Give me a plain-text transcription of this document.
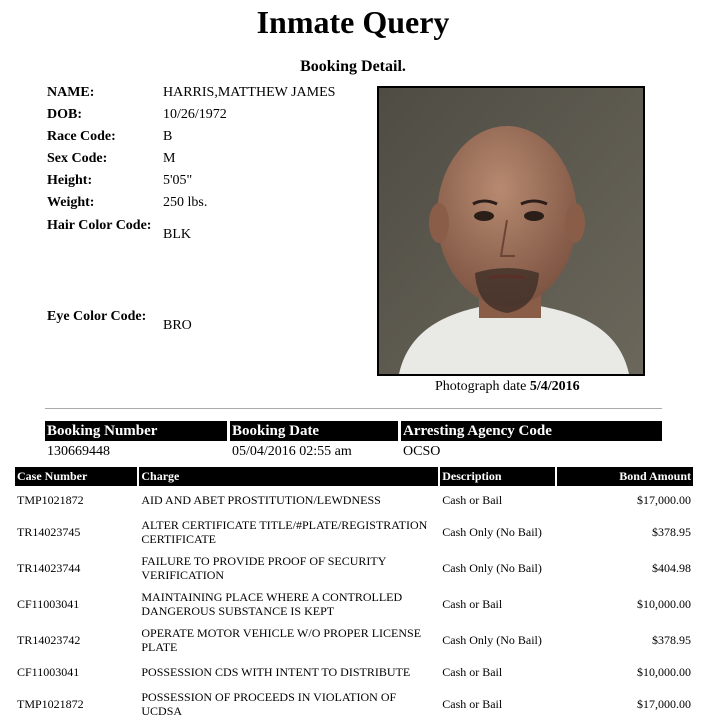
Inmate Query
Booking Detail.
NAME:	HARRIS,MATTHEW JAMES
DOB:	10/26/1972
Race Code:	B
Sex Code:	M
Height:	5'05"
Weight:	250 lbs.
Hair Color Code:
BLK
Eye Color Code:
BRO
Photograph date 5/4/2016
Booking Number	Booking Date	Arresting Agency Code
130669448	05/04/2016 02:55 am	OCSO
Case Number	Charge	Description	Bond Amount
TMP1021872	AID AND ABET PROSTITUTION/LEWDNESS	Cash or Bail	$17,000.00
TR14023745	ALTER CERTIFICATE TITLE/#PLATE/REGISTRATION CERTIFICATE	Cash Only (No Bail)	$378.95
TR14023744	FAILURE TO PROVIDE PROOF OF SECURITY VERIFICATION	Cash Only (No Bail)	$404.98
CF11003041	MAINTAINING PLACE WHERE A CONTROLLED DANGEROUS SUBSTANCE IS KEPT	Cash or Bail	$10,000.00
TR14023742	OPERATE MOTOR VEHICLE W/O PROPER LICENSE PLATE	Cash Only (No Bail)	$378.95
CF11003041	POSSESSION CDS WITH INTENT TO DISTRIBUTE	Cash or Bail	$10,000.00
TMP1021872	POSSESSION OF PROCEEDS IN VIOLATION OF UCDSA	Cash or Bail	$17,000.00
